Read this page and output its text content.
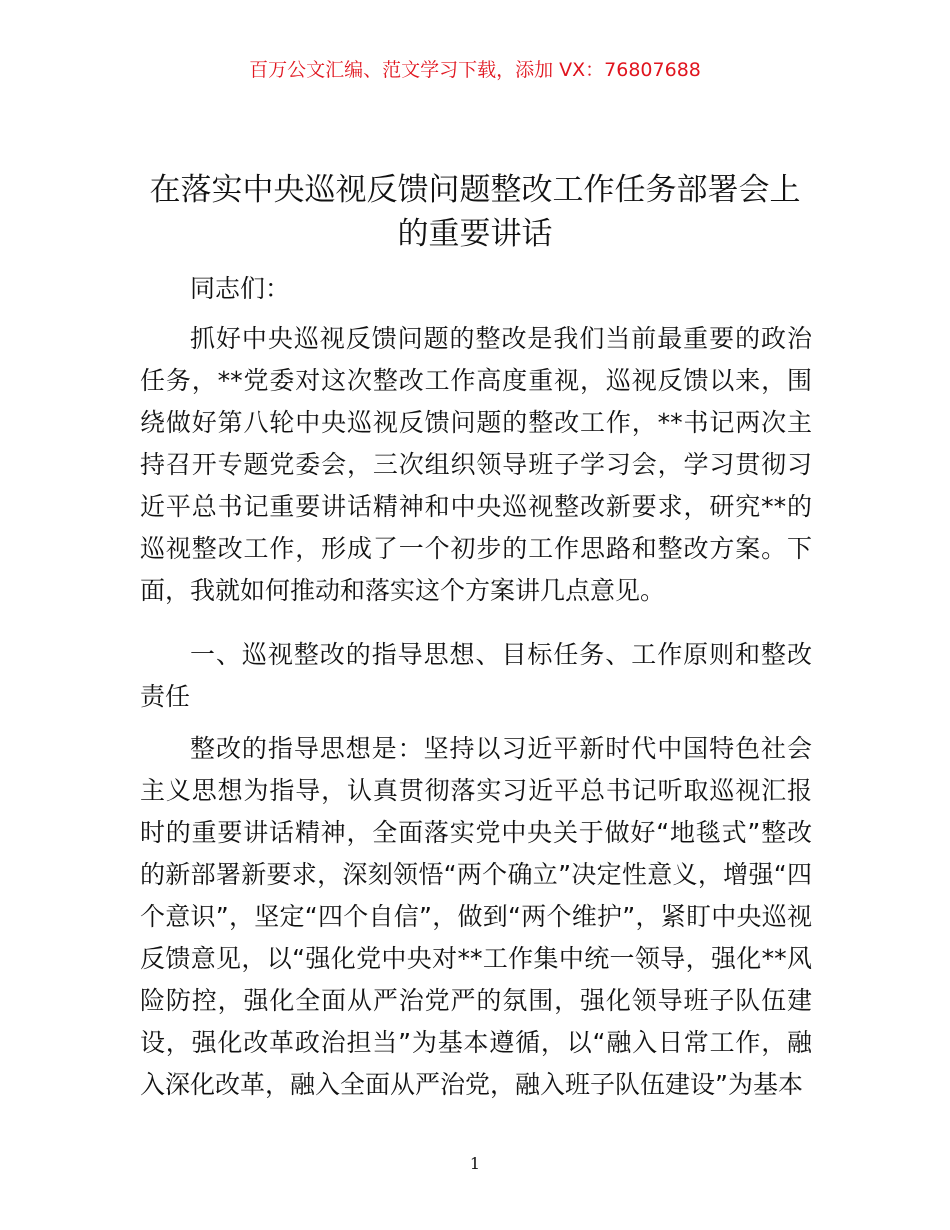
百万公文汇编、范文学习下载，添加 VX：76807688
在落实中央巡视反馈问题整改工作任务部署会上的重要讲话

同志们：

抓好中央巡视反馈问题的整改是我们当前最重要的政治任务，**党委对这次整改工作高度重视，巡视反馈以来，围绕做好第八轮中央巡视反馈问题的整改工作，**书记两次主持召开专题党委会，三次组织领导班子学习会，学习贯彻习近平总书记重要讲话精神和中央巡视整改新要求，研究**的巡视整改工作，形成了一个初步的工作思路和整改方案。下面，我就如何推动和落实这个方案讲几点意见。

一、巡视整改的指导思想、目标任务、工作原则和整改责任

整改的指导思想是：坚持以习近平新时代中国特色社会主义思想为指导，认真贯彻落实习近平总书记听取巡视汇报时的重要讲话精神，全面落实党中央关于做好“地毯式”整改的新部署新要求，深刻领悟“两个确立”决定性意义，增强“四个意识”，坚定“四个自信”，做到“两个维护”，紧盯中央巡视反馈意见，以“强化党中央对**工作集中统一领导，强化**风险防控，强化全面从严治党严的氛围，强化领导班子队伍建设，强化改革政治担当”为基本遵循，以“融入日常工作，融入深化改革，融入全面从严治党，融入班子队伍建设”为基本

1
